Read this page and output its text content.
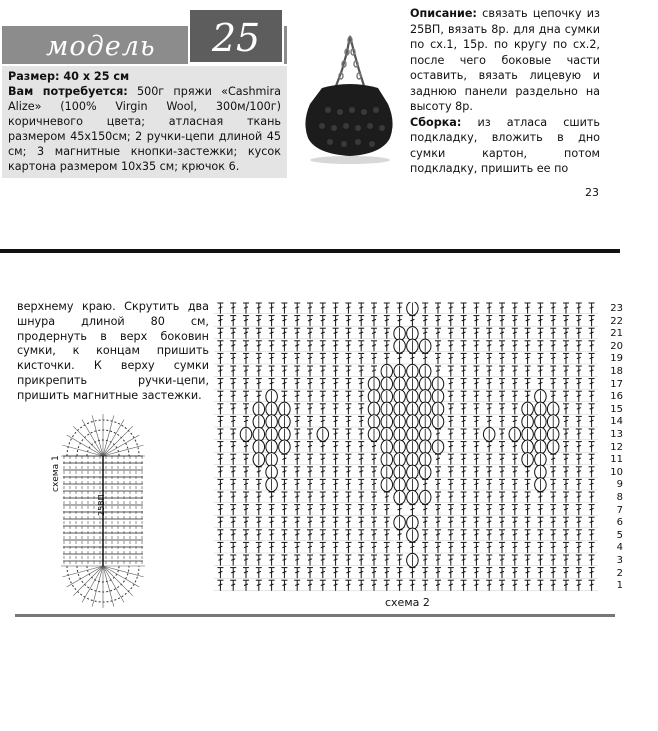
модель	25
Размер: 40 х 25 см
Вам потребуется: 500г пряжи «Cashmira Alize» (100% Virgin Wool, 300м/100г) коричневого цвета; атласная ткань размером 45х150см; 2 ручки-цепи длиной 45 см; 3 магнитные кнопки-застежки; кусок картона размером 10х35 см; крючок 6.
Описание: связать цепочку из 25ВП, вязать 8р. для дна сумки по сх.1, 15р. по кругу по сх.2, после чего боковые части оставить, вязать лицевую и заднюю панели раздельно на высоту 8р.
Сборка: из атласа сшить подкладку, вложить в дно сумки картон, потом подкладку, пришить ее по
23
верхнему краю. Скрутить два шнура длиной 80 см, продернуть в верх боковин сумки, к концам пришить кисточки. К верху сумки прикрепить ручки-цепи, пришить магнитные застежки.
схема 1
25ВП
23
22
21
20
19
18
17
16
15
14
13
12
11
10
9
8
7
6
5
4
3
2
1
схема 2
